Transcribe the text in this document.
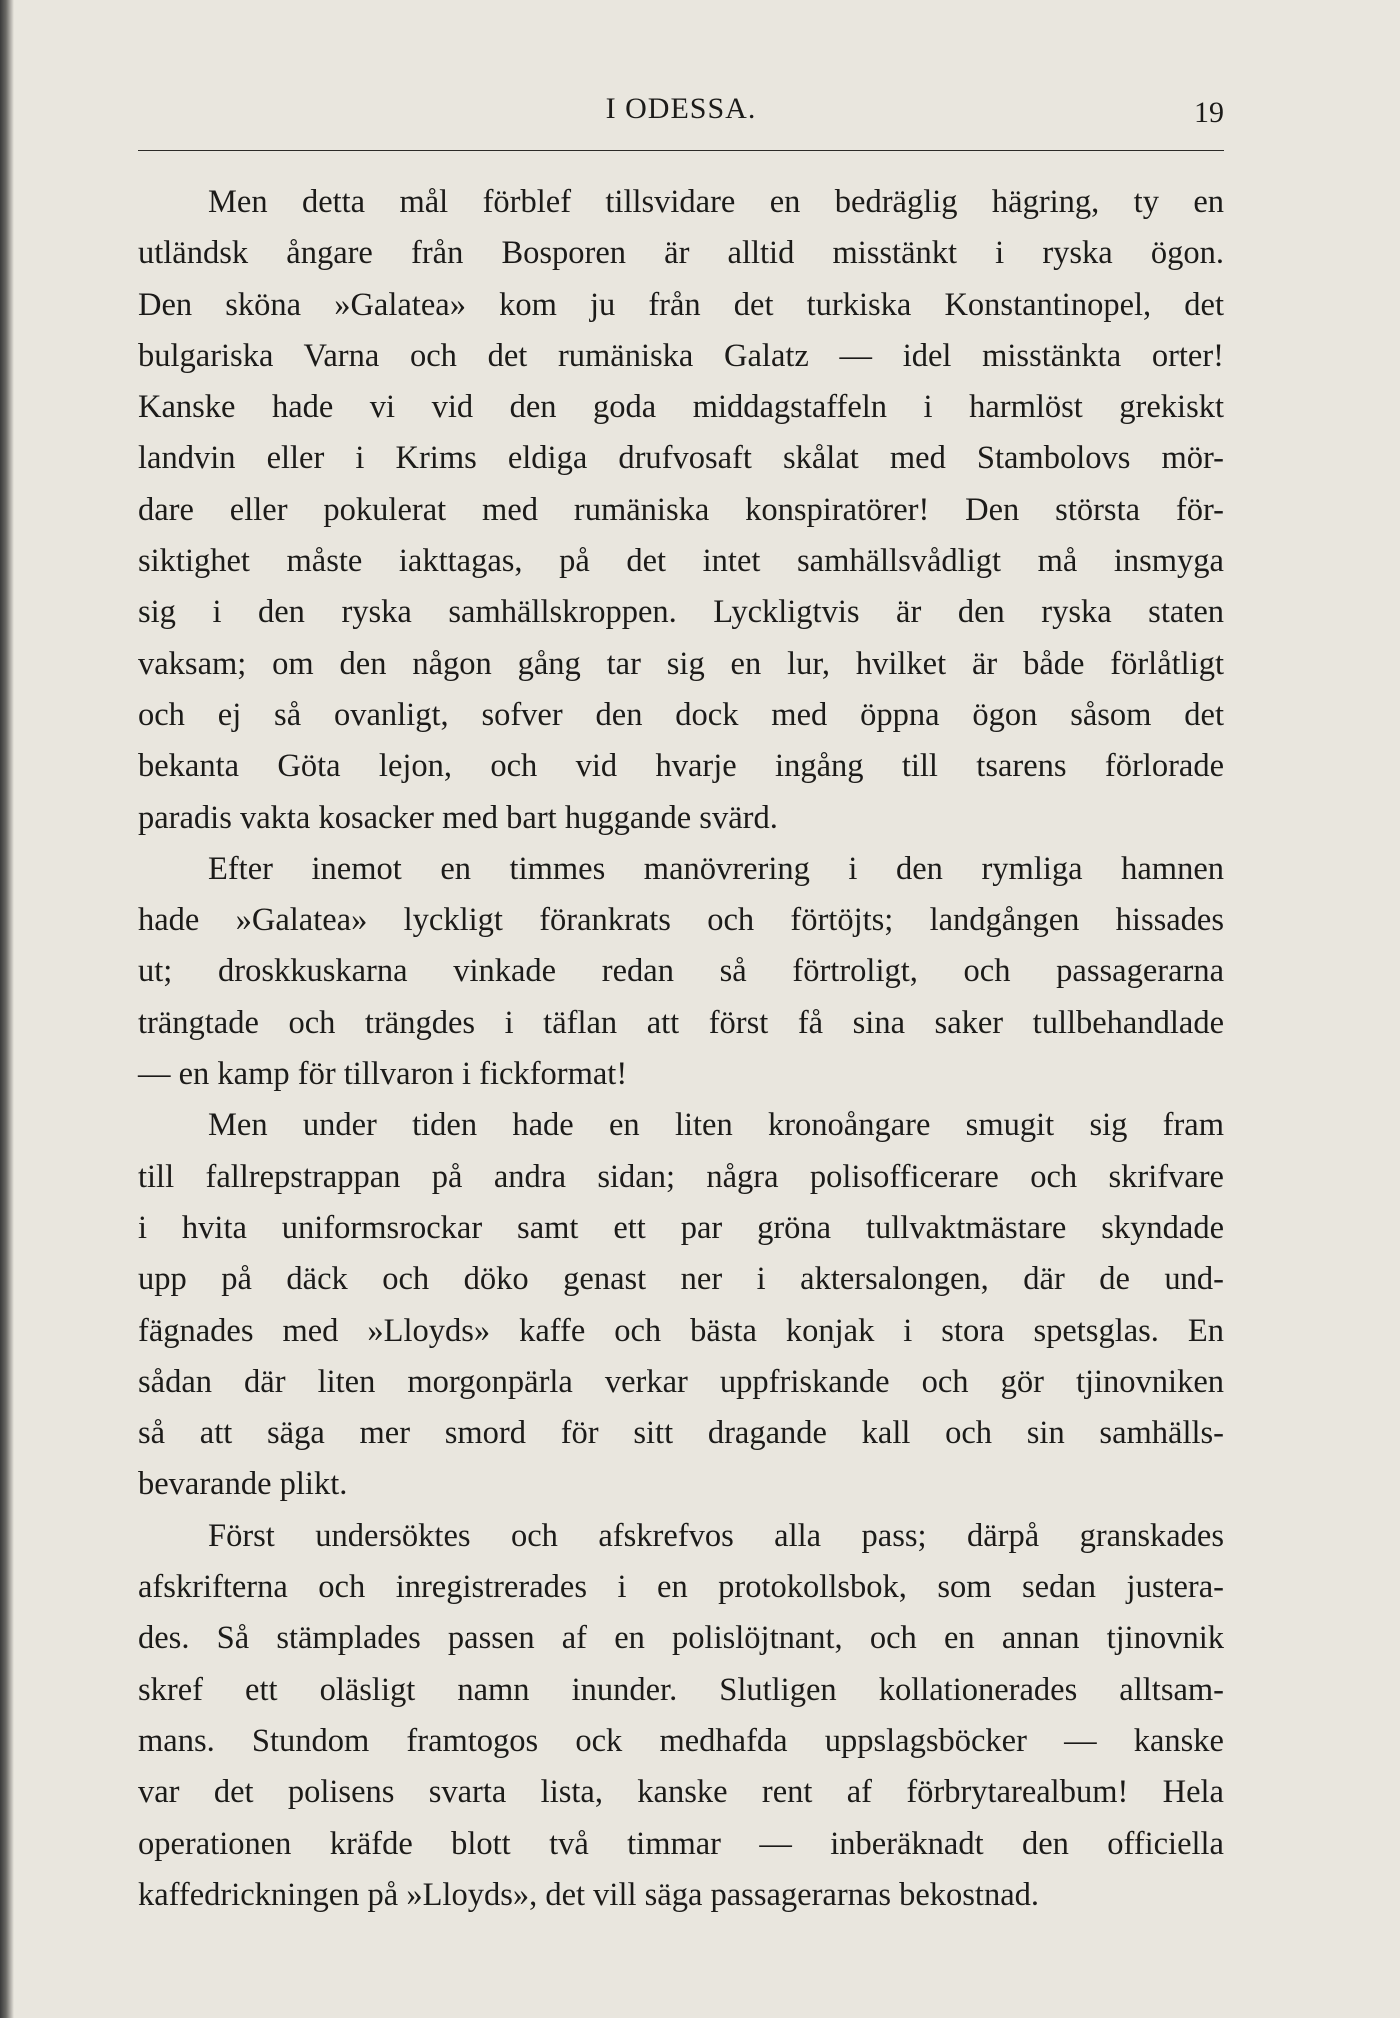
I ODESSA.	19
Men detta mål förblef tillsvidare en bedräglig hägring, ty en
utländsk ångare från Bosporen är alltid misstänkt i ryska ögon.
Den sköna »Galatea» kom ju från det turkiska Konstantinopel, det
bulgariska Varna och det rumäniska Galatz — idel misstänkta orter!
Kanske hade vi vid den goda middagstaffeln i harmlöst grekiskt
landvin eller i Krims eldiga drufvosaft skålat med Stambolovs mör-
dare eller pokulerat med rumäniska konspiratörer! Den största för-
siktighet måste iakttagas, på det intet samhällsvådligt må insmyga
sig i den ryska samhällskroppen. Lyckligtvis är den ryska staten
vaksam; om den någon gång tar sig en lur, hvilket är både förlåtligt
och ej så ovanligt, sofver den dock med öppna ögon såsom det
bekanta Göta lejon, och vid hvarje ingång till tsarens förlorade
paradis vakta kosacker med bart huggande svärd.
Efter inemot en timmes manövrering i den rymliga hamnen
hade »Galatea» lyckligt förankrats och förtöjts; landgången hissades
ut; droskkuskarna vinkade redan så förtroligt, och passagerarna
trängtade och trängdes i täflan att först få sina saker tullbehandlade
— en kamp för tillvaron i fickformat!
Men under tiden hade en liten kronoångare smugit sig fram
till fallrepstrappan på andra sidan; några polisofficerare och skrifvare
i hvita uniformsrockar samt ett par gröna tullvaktmästare skyndade
upp på däck och döko genast ner i aktersalongen, där de und-
fägnades med »Lloyds» kaffe och bästa konjak i stora spetsglas. En
sådan där liten morgonpärla verkar uppfriskande och gör tjinovniken
så att säga mer smord för sitt dragande kall och sin samhälls-
bevarande plikt.
Först undersöktes och afskrefvos alla pass; därpå granskades
afskrifterna och inregistrerades i en protokollsbok, som sedan justera-
des. Så stämplades passen af en polislöjtnant, och en annan tjinovnik
skref ett oläsligt namn inunder. Slutligen kollationerades alltsam-
mans. Stundom framtogos ock medhafda uppslagsböcker — kanske
var det polisens svarta lista, kanske rent af förbrytarealbum! Hela
operationen kräfde blott två timmar — inberäknadt den officiella
kaffedrickningen på »Lloyds», det vill säga passagerarnas bekostnad.
